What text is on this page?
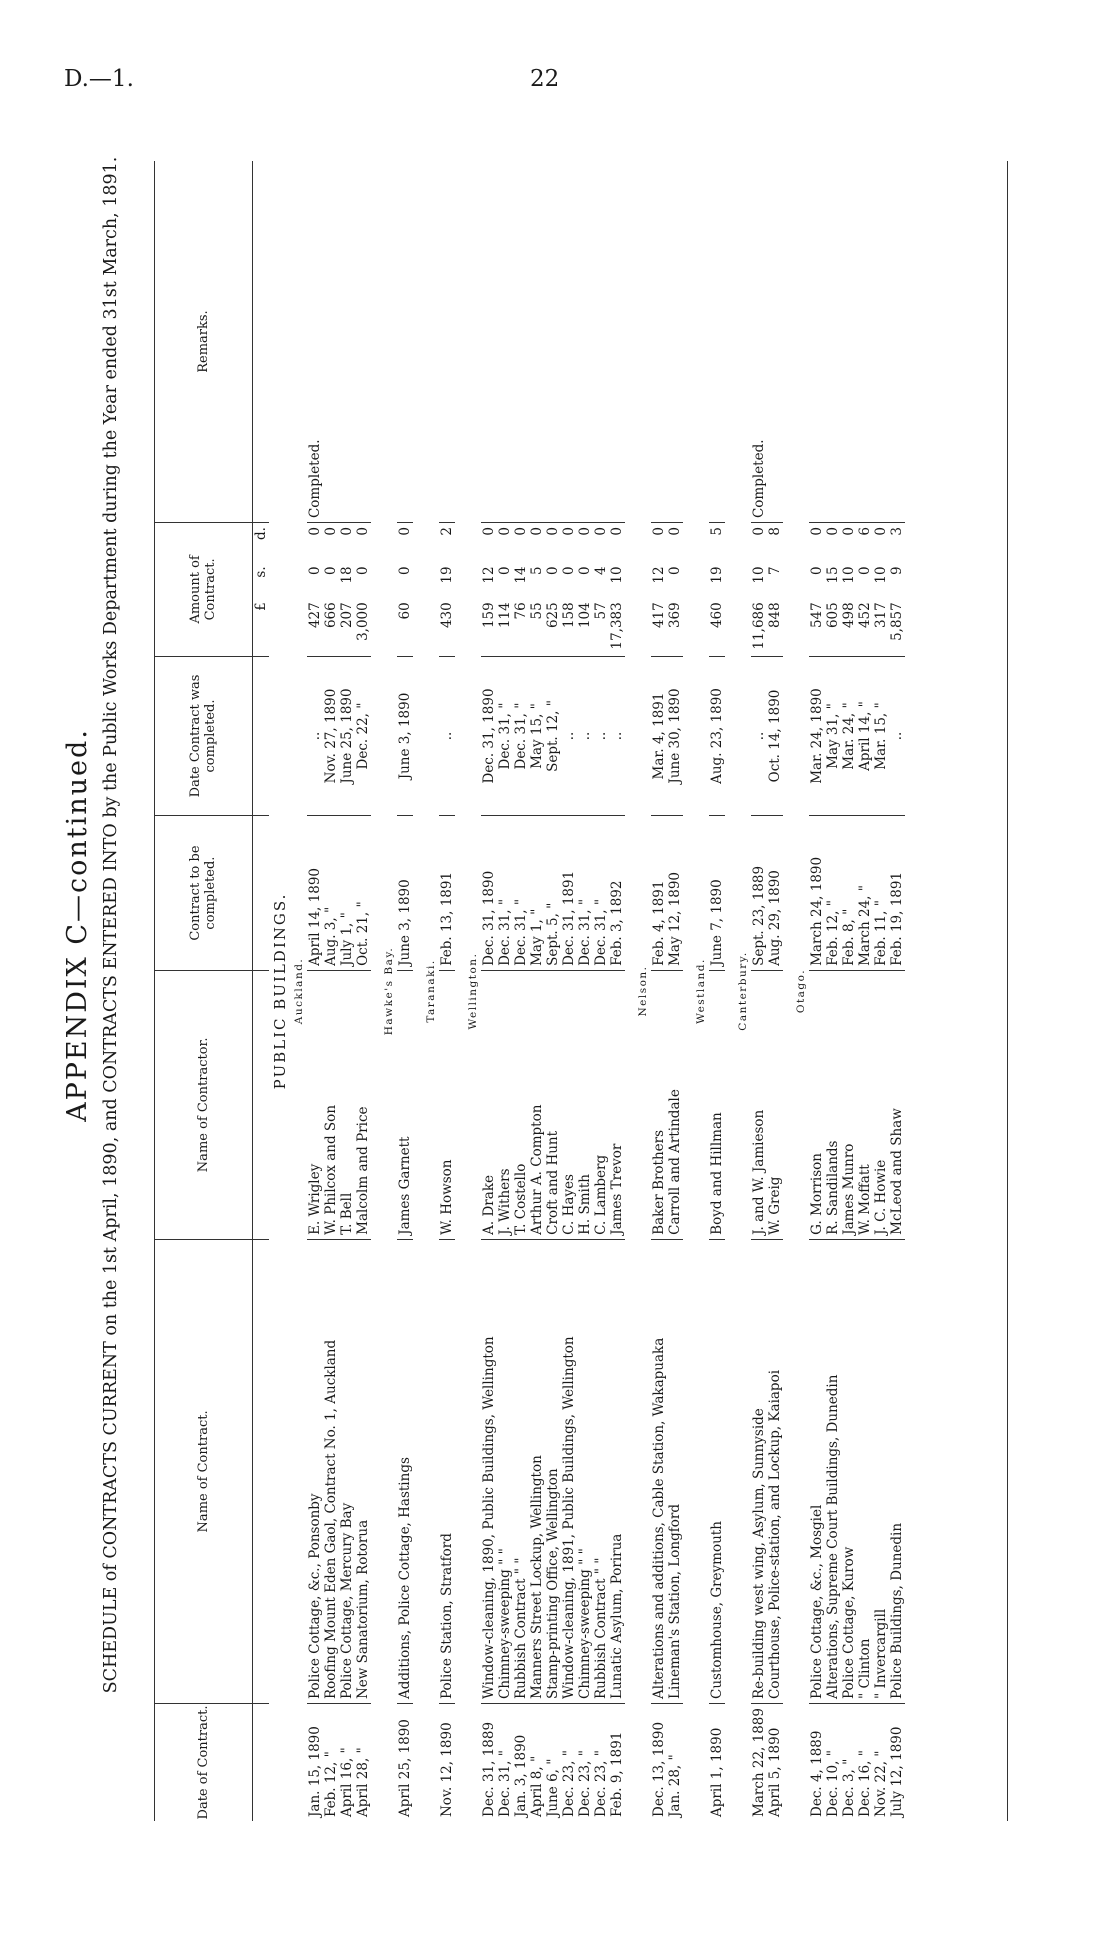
D.—1.	22
APPENDIX C—continued. SCHEDULE of CONTRACTS CURRENT on the 1st April, 1890, and CONTRACTS ENTERED INTO by the Public Works Department during the Year ended 31st March, 1891.
Date of Contract.	Name of Contract.	Name of Contractor.	Contract to be completed.	Date Contract was completed.	Amount of Contract.			Remarks.
					£	s.	d.	
PUBLIC BUILDINGS.								
Auckland.								
Jan. 15, 1890	Police Cottage, &c., Ponsonby	E. Wrigley	April 14, 1890	..	427	0	0	Completed.
Feb. 12, "	Roofing Mount Eden Gaol, Contract No. 1, Auckland	W. Philcox and Son	Aug. 3, "	Nov. 27, 1890	666	0	0	
April 16, "	Police Cottage, Mercury Bay	T. Bell	July 1, "	June 25, 1890	207	18	0	
April 28, "	New Sanatorium, Rotorua	Malcolm and Price	Oct. 21, "	Dec. 22, "	3,000	0	0	

Hawke's Bay.								
April 25, 1890	Additions, Police Cottage, Hastings	James Garnett	June 3, 1890	June 3, 1890	60	0	0	

Taranaki.								
Nov. 12, 1890	Police Station, Stratford	W. Howson	Feb. 13, 1891	..	430	19	2	

Wellington.								
Dec. 31, 1889	Window-cleaning, 1890, Public Buildings, Wellington	A. Drake	Dec. 31, 1890	Dec. 31, 1890	159	12	0	
Dec. 31, "	Chimney-sweeping " "	J. Withers	Dec. 31, "	Dec. 31, "	114	0	0	
Jan. 3, 1890	Rubbish Contract " "	T. Costello	Dec. 31, "	Dec. 31, "	76	14	0	
April 8, "	Manners Street Lockup, Wellington	Arthur A. Compton	May 1, "	May 15, "	55	5	0	
June 6, "	Stamp-printing Office, Wellington	Croft and Hunt	Sept. 5, "	Sept. 12, "	625	0	0	
Dec. 23, "	Window-cleaning, 1891, Public Buildings, Wellington	C. Hayes	Dec. 31, 1891	..	158	0	0	
Dec. 23, "	Chimney-sweeping " "	H. Smith	Dec. 31, "	..	104	0	0	
Dec. 23, "	Rubbish Contract " "	C. Lamberg	Dec. 31, "	..	57	4	0	
Feb. 9, 1891	Lunatic Asylum, Porirua	James Trevor	Feb. 3, 1892	..	17,383	10	0	

Nelson.								
Dec. 13, 1890	Alterations and additions, Cable Station, Wakapuaka	Baker Brothers	Feb. 4, 1891	Mar. 4, 1891	417	12	0	
Jan. 28, "	Lineman's Station, Longford	Carroll and Artindale	May 12, 1890	June 30, 1890	369	0	0	

Westland.								
April 1, 1890	Customhouse, Greymouth	Boyd and Hillman	June 7, 1890	Aug. 23, 1890	460	19	5	

Canterbury.								
March 22, 1889	Re-building west wing, Asylum, Sunnyside	J. and W. Jamieson	Sept. 23, 1889	..	11,686	10	0	Completed.
April 5, 1890	Courthouse, Police-station, and Lockup, Kaiapoi	W. Greig	Aug. 29, 1890	Oct. 14, 1890	848	7	8	

Otago.								
Dec. 4, 1889	Police Cottage, &c., Mosgiel	G. Morrison	March 24, 1890	Mar. 24, 1890	547	0	0	
Dec. 10, "	Alterations, Supreme Court Buildings, Dunedin	R. Sandilands	Feb. 12, "	May 31, "	605	15	0	
Dec. 3, "	Police Cottage, Kurow	James Munro	Feb. 8, "	Mar. 24, "	498	10	0	
Dec. 16, "	" Clinton	W. Moffatt	March 24, "	April 14, "	452	0	6	
Nov. 22, "	" Invercargill	J. C. Howie	Feb. 11, "	Mar. 15, "	317	10	0	
July 12, 1890	Police Buildings, Dunedin	McLeod and Shaw	Feb. 19, 1891	..	5,857	9	3	
